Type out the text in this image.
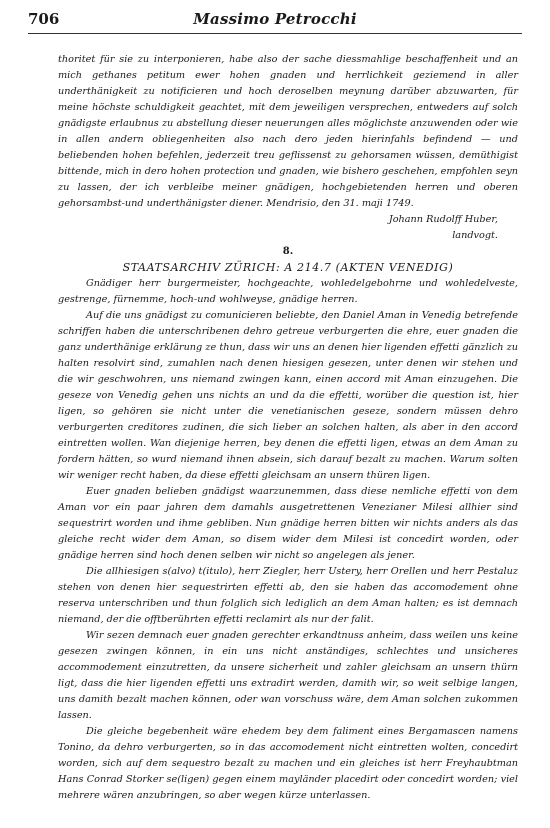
706	Massimo Petrocchi

thoritet für sie zu interponieren, habe also der sache diessmahlige beschaffenheit und an mich gethanes petitum ewer hohen gnaden und herrlichkeit geziemend in aller underthänigkeit zu notificieren und hoch deroselben meynung darüber abzuwarten, für meine höchste schuldigkeit geachtet, mit dem jeweiligen versprechen, entweders auf solch gnädigste erlaubnus zu abstellung dieser neuerungen alles möglichste anzuwenden oder wie in allen andern obliegenheiten also nach dero jeden hierinfahls befindend — und beliebenden hohen befehlen, jederzeit treu geflissenst zu gehorsamen wüssen, demüthigist bittende, mich in dero hohen protection und gnaden, wie bishero geschehen, empfohlen seyn zu lassen, der ich verbleibe meiner gnädigen, hochgebietenden herren und oberen gehorsambst-und underthänigster diener. Mendrisio, den 31. maji 1749.

Johann Rudolff Huber,

landvogt.

8.

STAATSARCHIV ZÜRICH: A 214.7 (AKTEN VENEDIG)

Gnädiger herr burgermeister, hochgeachte, wohledelgebohrne und wohledelveste, gestrenge, fürnemme, hoch-und wohlweyse, gnädige herren.

Auf die uns gnädigst zu comunicieren beliebte, den Daniel Aman in Venedig betrefende schriffen haben die unterschribenen dehro getreue verburgerten die ehre, euer gnaden die ganz underthänige erklärung ze thun, dass wir uns an denen hier ligenden effetti gänzlich zu halten resolvirt sind, zumahlen nach denen hiesigen gesezen, unter denen wir stehen und die wir geschwohren, uns niemand zwingen kann, einen accord mit Aman einzugehen. Die geseze von Venedig gehen uns nichts an und da die effetti, worüber die question ist, hier ligen, so gehören sie nicht unter die venetianischen geseze, sondern müssen dehro verburgerten creditores zudinen, die sich lieber an solchen halten, als aber in den accord eintretten wollen. Wan diejenige herren, bey denen die effetti ligen, etwas an dem Aman zu fordern hätten, so wurd niemand ihnen absein, sich darauf bezalt zu machen. Warum solten wir weniger recht haben, da diese effetti gleichsam an unsern thüren ligen.

Euer gnaden belieben gnädigst waarzunemmen, dass diese nemliche effetti von dem Aman vor ein paar jahren dem damahls ausgetrettenen Venezianer Milesi allhier sind sequestrirt worden und ihme gebliben. Nun gnädige herren bitten wir nichts anders als das gleiche recht wider dem Aman, so disem wider dem Milesi ist concedirt worden, oder gnädige herren sind hoch denen selben wir nicht so angelegen als jener.

Die allhiesigen s(alvo) t(itulo), herr Ziegler, herr Ustery, herr Orellen und herr Pestaluz stehen von denen hier sequestrirten effetti ab, den sie haben das accomodement ohne reserva unterschriben und thun folglich sich lediglich an dem Aman halten; es ist demnach niemand, der die offtberührten effetti reclamirt als nur der falit.

Wir sezen demnach euer gnaden gerechter erkandtnuss anheim, dass weilen uns keine gesezen zwingen können, in ein uns nicht anständiges, schlechtes und unsicheres accommodement einzutretten, da unsere sicherheit und zahler gleichsam an unsern thürn ligt, dass die hier ligenden effetti uns extradirt werden, damith wir, so weit selbige langen, uns damith bezalt machen können, oder wan vorschuss wäre, dem Aman solchen zukommen lassen.

Die gleiche begebenheit wäre ehedem bey dem faliment eines Bergamascen namens Tonino, da dehro verburgerten, so in das accomodement nicht eintretten wolten, concedirt worden, sich auf dem sequestro bezalt zu machen und ein gleiches ist herr Freyhaubtman Hans Conrad Storker se(ligen) gegen einem mayländer placedirt oder concedirt worden; viel mehrere wären anzubringen, so aber wegen kürze unterlassen.
